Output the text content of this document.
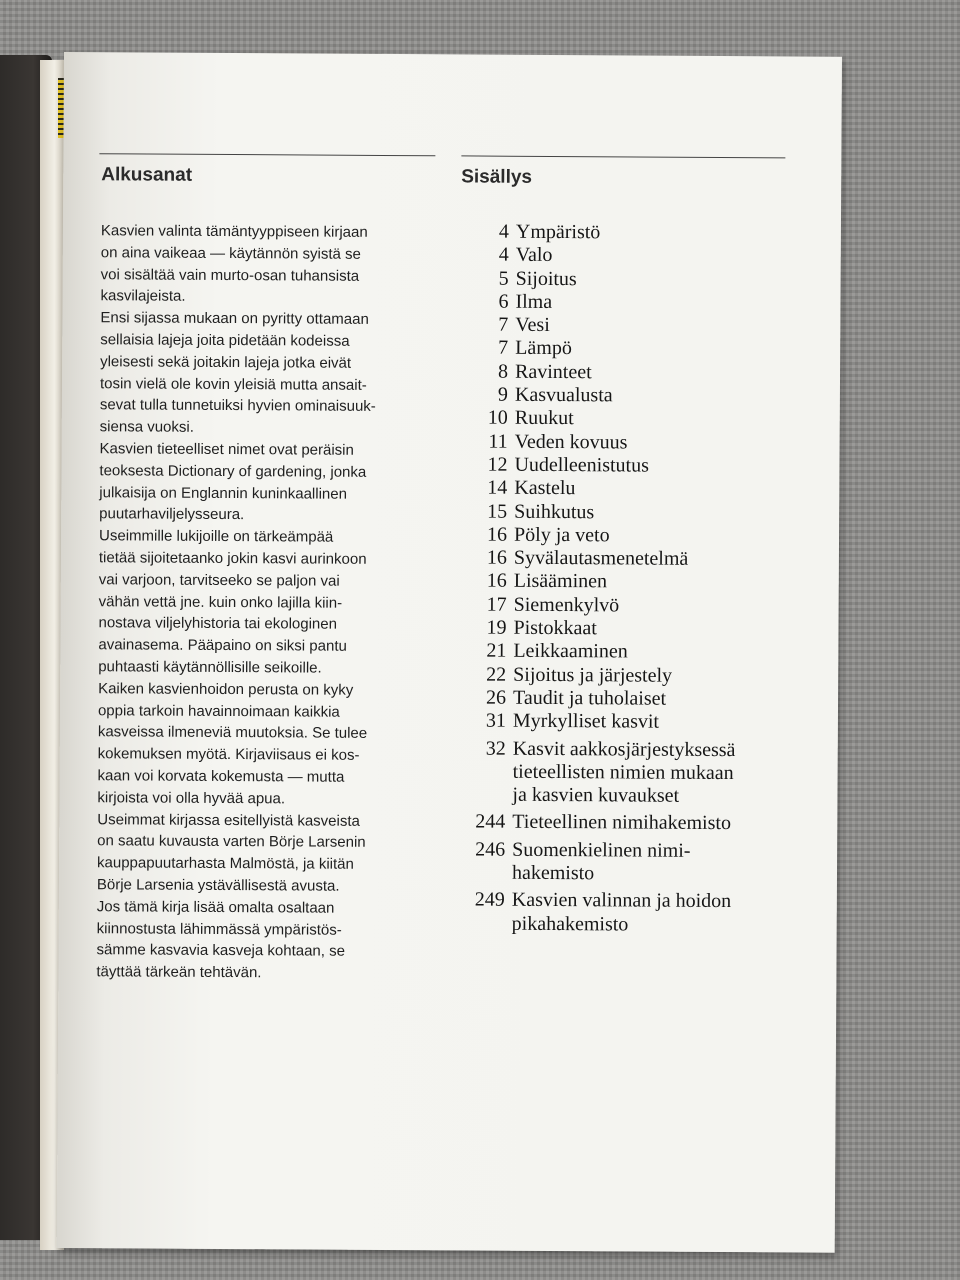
Alkusanat	Sisällys
Kasvien valinta tämäntyyppiseen kirjaan
on aina vaikeaa — käytännön syistä se
voi sisältää vain murto-osan tuhansista
kasvilajeista.
Ensi sijassa mukaan on pyritty ottamaan
sellaisia lajeja joita pidetään kodeissa
yleisesti sekä joitakin lajeja jotka eivät
tosin vielä ole kovin yleisiä mutta ansait-
sevat tulla tunnetuiksi hyvien ominaisuuk-
siensa vuoksi.
Kasvien tieteelliset nimet ovat peräisin
teoksesta Dictionary of gardening, jonka
julkaisija on Englannin kuninkaallinen
puutarhaviljelysseura.
Useimmille lukijoille on tärkeämpää
tietää sijoitetaanko jokin kasvi aurinkoon
vai varjoon, tarvitseeko se paljon vai
vähän vettä jne. kuin onko lajilla kiin-
nostava viljelyhistoria tai ekologinen
avainasema. Pääpaino on siksi pantu
puhtaasti käytännöllisille seikoille.
Kaiken kasvienhoidon perusta on kyky
oppia tarkoin havainnoimaan kaikkia
kasveissa ilmeneviä muutoksia. Se tulee
kokemuksen myötä. Kirjaviisaus ei kos-
kaan voi korvata kokemusta — mutta
kirjoista voi olla hyvää apua.
Useimmat kirjassa esitellyistä kasveista
on saatu kuvausta varten Börje Larsenin
kauppapuutarhasta Malmöstä, ja kiitän
Börje Larsenia ystävällisestä avusta.
Jos tämä kirja lisää omalta osaltaan
kiinnostusta lähimmässä ympäristös-
sämme kasvavia kasveja kohtaan, se
täyttää tärkeän tehtävän.
4 Ympäristö
4 Valo
5 Sijoitus
6 Ilma
7 Vesi
7 Lämpö
8 Ravinteet
9 Kasvualusta
10 Ruukut
11 Veden kovuus
12 Uudelleenistutus
14 Kastelu
15 Suihkutus
16 Pöly ja veto
16 Syvälautasmenetelmä
16 Lisääminen
17 Siemenkylvö
19 Pistokkaat
21 Leikkaaminen
22 Sijoitus ja järjestely
26 Taudit ja tuholaiset
31 Myrkylliset kasvit
32 Kasvit aakkosjärjestyksessä
tieteellisten nimien mukaan
ja kasvien kuvaukset
244 Tieteellinen nimihakemisto
246 Suomenkielinen nimi-
hakemisto
249 Kasvien valinnan ja hoidon
pikahakemisto
